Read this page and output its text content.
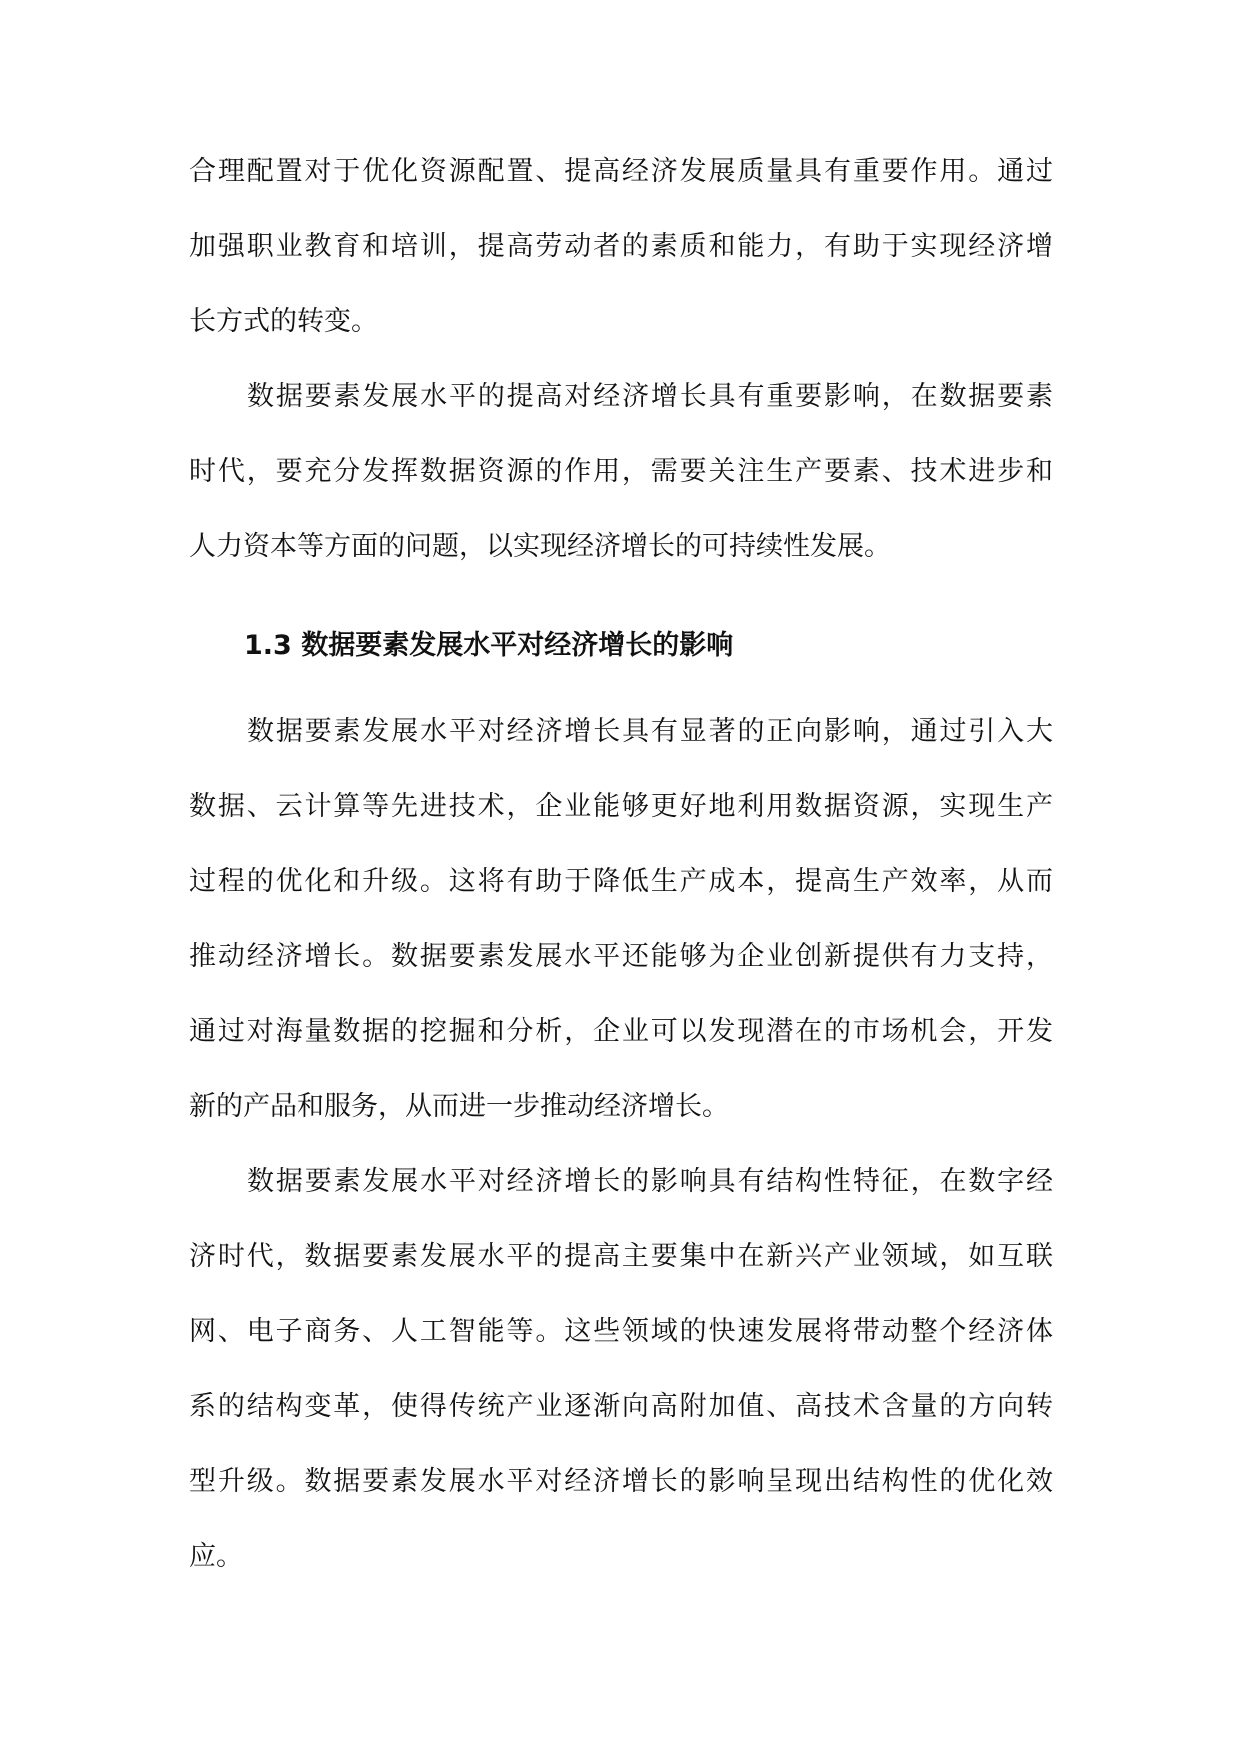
合理配置对于优化资源配置、提高经济发展质量具有重要作用。通过

加强职业教育和培训，提高劳动者的素质和能力，有助于实现经济增

长方式的转变。

数据要素发展水平的提高对经济增长具有重要影响，在数据要素

时代，要充分发挥数据资源的作用，需要关注生产要素、技术进步和

人力资本等方面的问题，以实现经济增长的可持续性发展。

1.3 数据要素发展水平对经济增长的影响

数据要素发展水平对经济增长具有显著的正向影响，通过引入大

数据、云计算等先进技术，企业能够更好地利用数据资源，实现生产

过程的优化和升级。这将有助于降低生产成本，提高生产效率，从而

推动经济增长。数据要素发展水平还能够为企业创新提供有力支持，

通过对海量数据的挖掘和分析，企业可以发现潜在的市场机会，开发

新的产品和服务，从而进一步推动经济增长。

数据要素发展水平对经济增长的影响具有结构性特征，在数字经

济时代，数据要素发展水平的提高主要集中在新兴产业领域，如互联

网、电子商务、人工智能等。这些领域的快速发展将带动整个经济体

系的结构变革，使得传统产业逐渐向高附加值、高技术含量的方向转

型升级。数据要素发展水平对经济增长的影响呈现出结构性的优化效

应。
